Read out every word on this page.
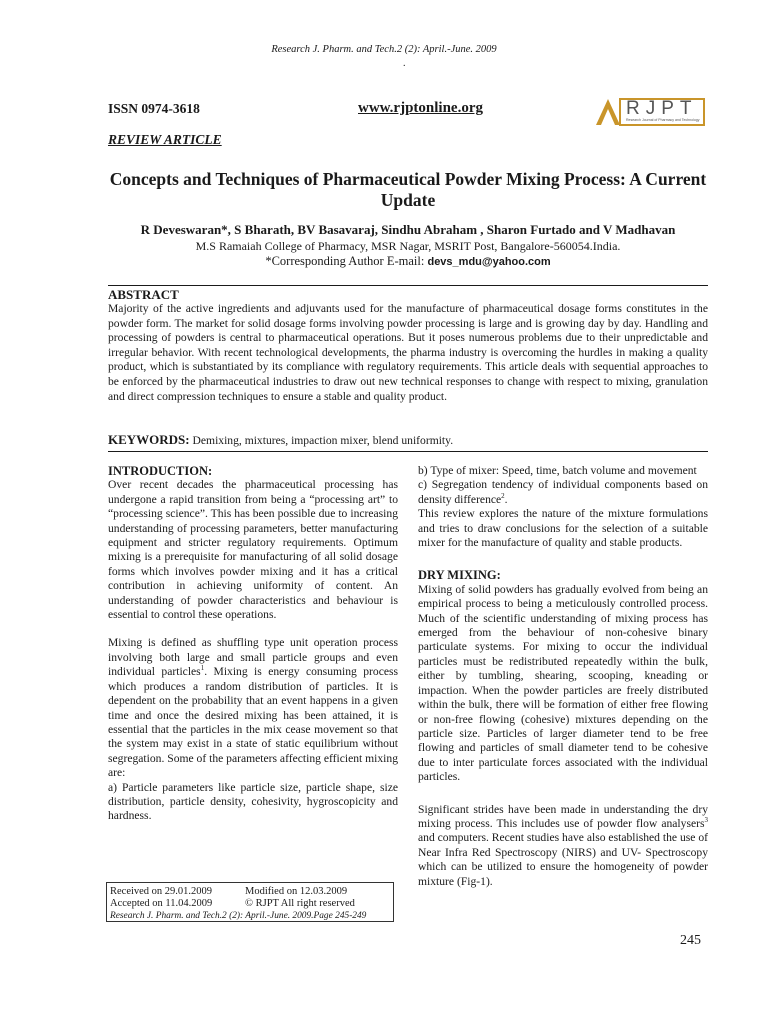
Research J. Pharm. and Tech.2 (2): April.-June. 2009
.
ISSN 0974-3618	www.rjptonline.org	RJPT
Research Journal of Pharmacy and Technology
REVIEW ARTICLE
Concepts and Techniques of Pharmaceutical Powder Mixing Process: A Current Update
R Deveswaran*, S Bharath, BV Basavaraj, Sindhu Abraham , Sharon Furtado and V Madhavan
M.S Ramaiah College of Pharmacy, MSR Nagar, MSRIT Post, Bangalore-560054.India.
*Corresponding Author E-mail: devs_mdu@yahoo.com
ABSTRACT

Majority of the active ingredients and adjuvants used for the manufacture of pharmaceutical dosage forms constitutes in the powder form. The market for solid dosage forms involving powder processing is large and is growing day by day. Handling and processing of powders is central to pharmaceutical operations. But it poses numerous problems due to their unpredictable and irregular behavior. With recent technological developments, the pharma industry is overcoming the hurdles in making a quality product, which is substantiated by its compliance with regulatory requirements. This article deals with sequential approaches to be enforced by the pharmaceutical industries to draw out new technical responses to change with respect to mixing, granulation and direct compression techniques to ensure a stable and quality product.

KEYWORDS: Demixing, mixtures, impaction mixer, blend uniformity.
INTRODUCTION:

Over recent decades the pharmaceutical processing has undergone a rapid transition from being a “processing art” to “processing science”. This has been possible due to increasing understanding of processing parameters, better manufacturing equipment and stricter regulatory requirements. Optimum mixing is a prerequisite for manufacturing of all solid dosage forms which involves powder mixing and it has a critical contribution in achieving uniformity of content. An understanding of powder characteristics and behaviour is essential to control these operations.

Mixing is defined as shuffling type unit operation process involving both large and small particle groups and even individual particles$^1$. Mixing is energy consuming process which produces a random distribution of particles. It is dependent on the probability that an event happens in a given time and once the desired mixing has been attained, it is essential that the particles in the mix cease movement so that the system may exist in a state of static equilibrium without segregation. Some of the parameters affecting efficient mixing are:

a) Particle parameters like particle size, particle shape, size distribution, particle density, cohesivity, hygroscopicity and hardness.

b) Type of mixer: Speed, time, batch volume and movement

c) Segregation tendency of individual components based on density difference$^2$.

This review explores the nature of the mixture formulations and tries to draw conclusions for the selection of a suitable mixer for the manufacture of quality and stable products.

DRY MIXING:

Mixing of solid powders has gradually evolved from being an empirical process to being a meticulously controlled process. Much of the scientific understanding of mixing process has emerged from the behaviour of non-cohesive binary particulate systems. For mixing to occur the individual particles must be redistributed repeatedly within the bulk, either by tumbling, shearing, scooping, kneading or impaction. When the powder particles are freely distributed within the bulk, there will be formation of either free flowing or non-free flowing (cohesive) mixtures depending on the particle size. Particles of larger diameter tend to be free flowing and particles of small diameter tend to be cohesive due to inter particulate forces associated with the individual particles.

Significant strides have been made in understanding the dry mixing process. This includes use of powder flow analysers$^3$ and computers. Recent studies have also established the use of Near Infra Red Spectroscopy (NIRS) and UV- Spectroscopy which can be utilized to ensure the homogeneity of powder mixture (Fig-1).

Received on 29.01.2009	Modified on 12.03.2009
Accepted on 11.04.2009	© RJPT All right reserved
Research J. Pharm. and Tech.2 (2): April.-June. 2009.Page 245-249
245
